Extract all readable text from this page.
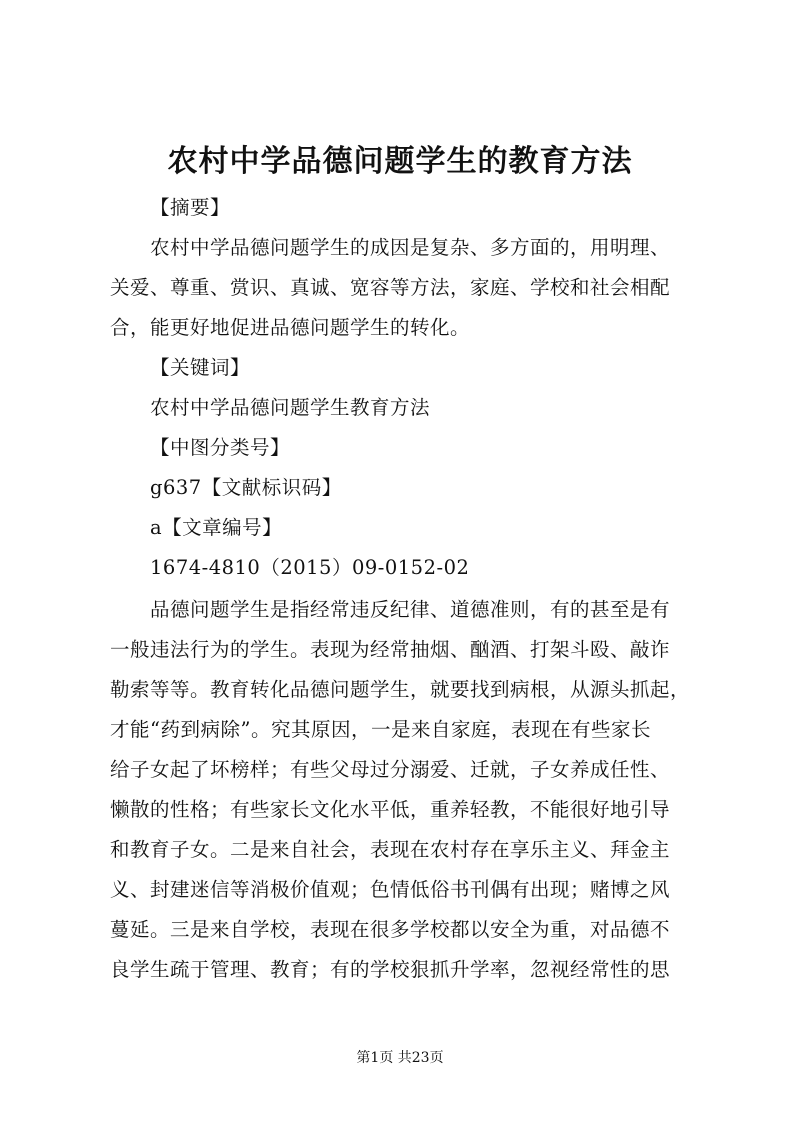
农村中学品德问题学生的教育方法

【摘要】

农村中学品德问题学生的成因是复杂、多方面的，用明理、

关爱、尊重、赏识、真诚、宽容等方法，家庭、学校和社会相配

合，能更好地促进品德问题学生的转化。

【关键词】

农村中学品德问题学生教育方法

【中图分类号】

g637【文献标识码】

a【文章编号】

1674-4810（2015）09-0152-02

品德问题学生是指经常违反纪律、道德准则，有的甚至是有

一般违法行为的学生。表现为经常抽烟、酗酒、打架斗殴、敲诈

勒索等等。教育转化品德问题学生，就要找到病根，从源头抓起，

才能“药到病除”。究其原因，一是来自家庭，表现在有些家长

给子女起了坏榜样；有些父母过分溺爱、迁就，子女养成任性、

懒散的性格；有些家长文化水平低，重养轻教，不能很好地引导

和教育子女。二是来自社会，表现在农村存在享乐主义、拜金主

义、封建迷信等消极价值观；色情低俗书刊偶有出现；赌博之风

蔓延。三是来自学校，表现在很多学校都以安全为重，对品德不

良学生疏于管理、教育；有的学校狠抓升学率，忽视经常性的思

第1页 共23页
